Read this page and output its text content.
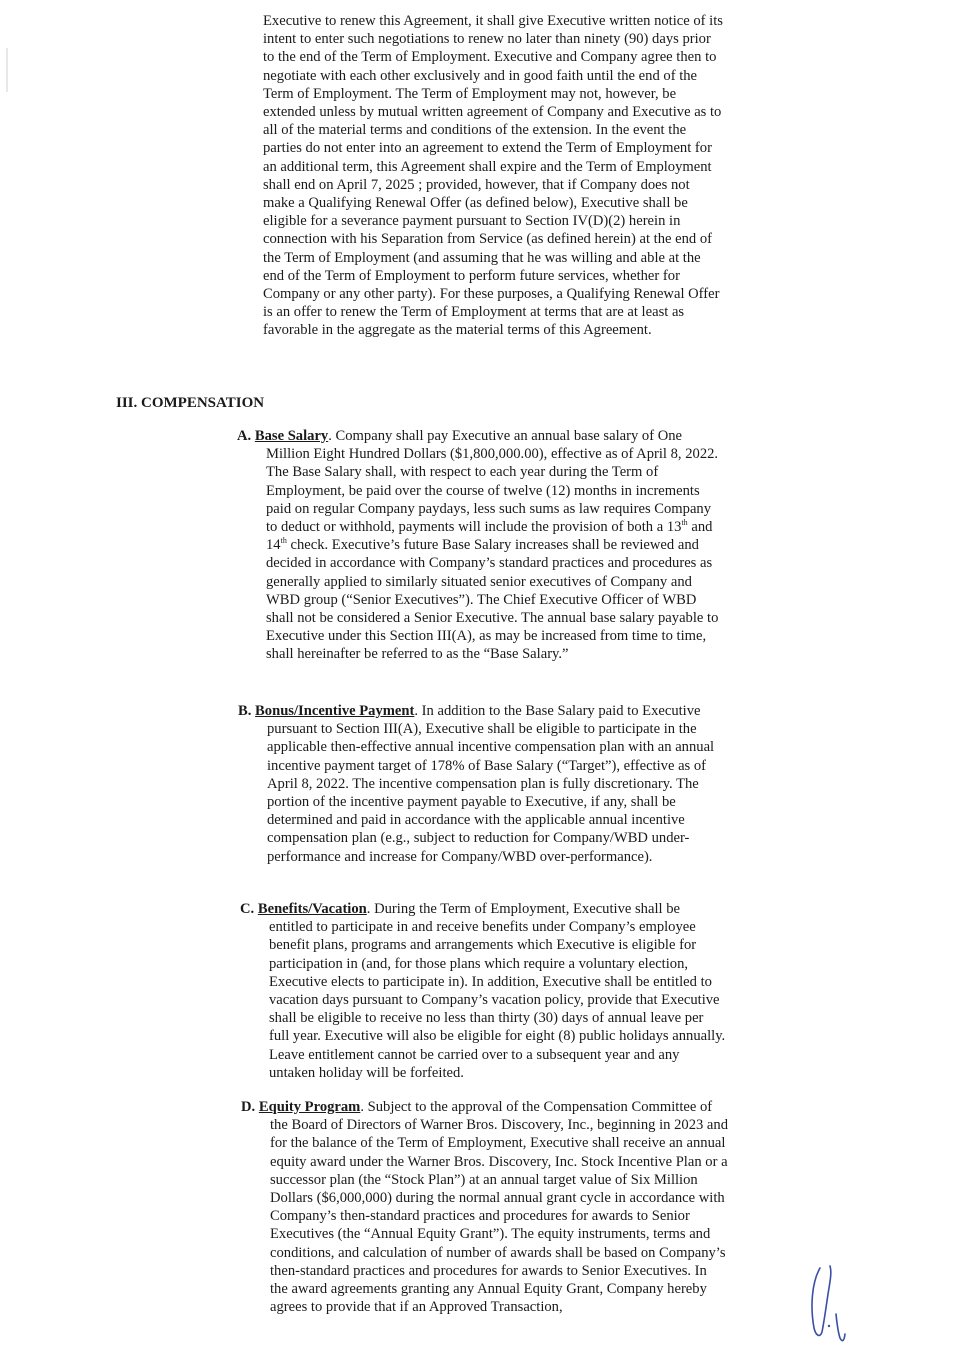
Executive to renew this Agreement, it shall give Executive written notice of its intent to enter such negotiations to renew no later than ninety (90) days prior to the end of the Term of Employment. Executive and Company agree then to negotiate with each other exclusively and in good faith until the end of the Term of Employment. The Term of Employment may not, however, be extended unless by mutual written agreement of Company and Executive as to all of the material terms and conditions of the extension. In the event the parties do not enter into an agreement to extend the Term of Employment for an additional term, this Agreement shall expire and the Term of Employment shall end on April 7, 2025 ; provided, however, that if Company does not make a Qualifying Renewal Offer (as defined below), Executive shall be eligible for a severance payment pursuant to Section IV(D)(2) herein in connection with his Separation from Service (as defined herein) at the end of the Term of Employment (and assuming that he was willing and able at the end of the Term of Employment to perform future services, whether for Company or any other party). For these purposes, a Qualifying Renewal Offer is an offer to renew the Term of Employment at terms that are at least as favorable in the aggregate as the material terms of this Agreement.

III. COMPENSATION

A. Base Salary. Company shall pay Executive an annual base salary of One Million Eight Hundred Dollars ($1,800,000.00), effective as of April 8, 2022. The Base Salary shall, with respect to each year during the Term of Employment, be paid over the course of twelve (12) months in increments paid on regular Company paydays, less such sums as law requires Company to deduct or withhold, payments will include the provision of both a 13th and 14th check. Executive’s future Base Salary increases shall be reviewed and decided in accordance with Company’s standard practices and procedures as generally applied to similarly situated senior executives of Company and WBD group (“Senior Executives”). The Chief Executive Officer of WBD shall not be considered a Senior Executive. The annual base salary payable to Executive under this Section III(A), as may be increased from time to time, shall hereinafter be referred to as the “Base Salary.”

B. Bonus/Incentive Payment. In addition to the Base Salary paid to Executive pursuant to Section III(A), Executive shall be eligible to participate in the applicable then-effective annual incentive compensation plan with an annual incentive payment target of 178% of Base Salary (“Target”), effective as of April 8, 2022. The incentive compensation plan is fully discretionary. The portion of the incentive payment payable to Executive, if any, shall be determined and paid in accordance with the applicable annual incentive compensation plan (e.g., subject to reduction for Company/WBD under-performance and increase for Company/WBD over-performance).

C. Benefits/Vacation. During the Term of Employment, Executive shall be entitled to participate in and receive benefits under Company’s employee benefit plans, programs and arrangements which Executive is eligible for participation in (and, for those plans which require a voluntary election, Executive elects to participate in). In addition, Executive shall be entitled to vacation days pursuant to Company’s vacation policy, provide that Executive shall be eligible to receive no less than thirty (30) days of annual leave per full year. Executive will also be eligible for eight (8) public holidays annually. Leave entitlement cannot be carried over to a subsequent year and any untaken holiday will be forfeited.

D. Equity Program. Subject to the approval of the Compensation Committee of the Board of Directors of Warner Bros. Discovery, Inc., beginning in 2023 and for the balance of the Term of Employment, Executive shall receive an annual equity award under the Warner Bros. Discovery, Inc. Stock Incentive Plan or a successor plan (the “Stock Plan”) at an annual target value of Six Million Dollars ($6,000,000) during the normal annual grant cycle in accordance with Company’s then-standard practices and procedures for awards to Senior Executives (the “Annual Equity Grant”). The equity instruments, terms and conditions, and calculation of number of awards shall be based on Company’s then-standard practices and procedures for awards to Senior Executives. In the award agreements granting any Annual Equity Grant, Company hereby agrees to provide that if an Approved Transaction,
